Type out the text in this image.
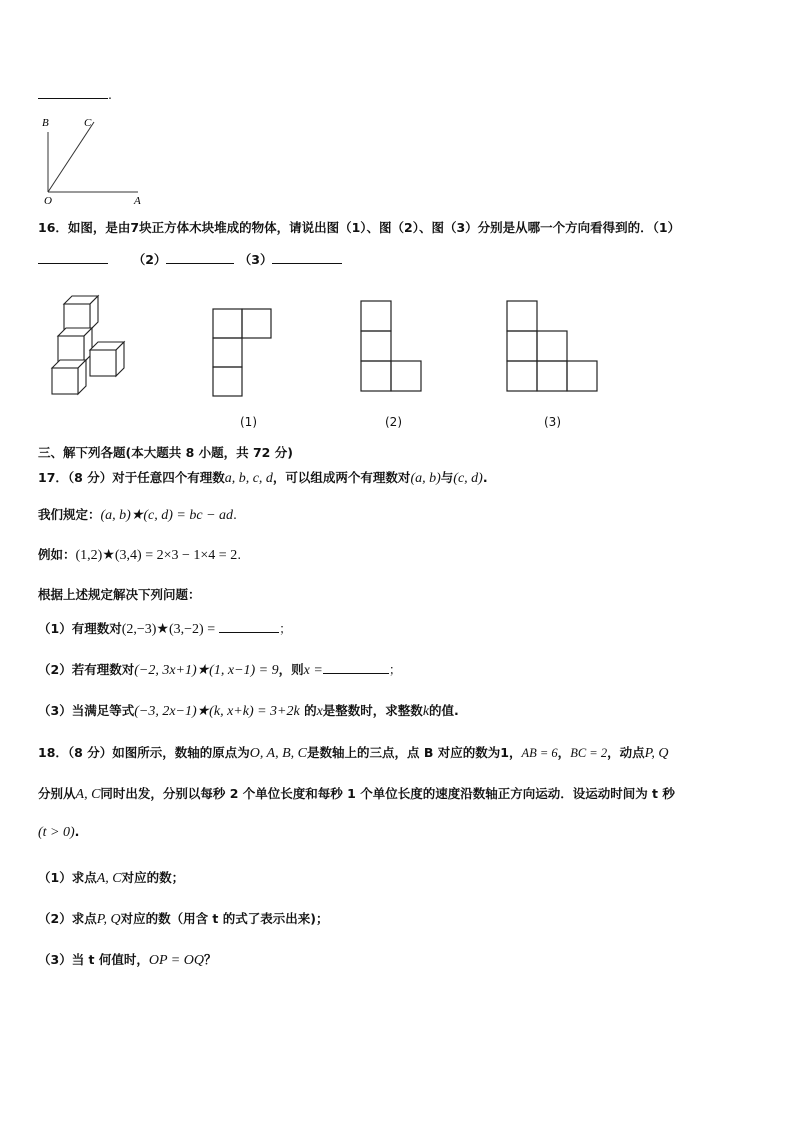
.
B	C
O	A
16．如图，是由7块正方体木块堆成的物体，请说出图（1）、图（2）、图（3）分别是从哪一个方向看得到的．（1）
（2）	（3）
(1)	(2)	(3)
三、解下列各题(本大题共 8 小题，共 72 分)
17．（8 分）对于任意四个有理数a, b, c, d，可以组成两个有理数对(a, b)与(c, d).
我们规定：(a, b)★(c, d) = bc − ad.
例如：(1,2)★(3,4) = 2×3 − 1×4 = 2.
根据上述规定解决下列问题：
（1）有理数对(2,−3)★(3,−2) =	；
（2）若有理数对(−2, 3x+1)★(1, x−1) = 9，则x =	；
（3）当满足等式(−3, 2x−1)★(k, x+k) = 3+2k 的x是整数时，求整数k的值.
18．（8 分）如图所示，数轴的原点为O, A, B, C是数轴上的三点，点 B 对应的数为1，AB = 6，BC = 2，动点P, Q
分别从A, C同时出发，分别以每秒 2 个单位长度和每秒 1 个单位长度的速度沿数轴正方向运动．设运动时间为 t 秒
(t > 0).
（1）求点A, C对应的数；
（2）求点P, Q对应的数（用含 t 的式了表示出来)；
（3）当 t 何值时，OP = OQ？
